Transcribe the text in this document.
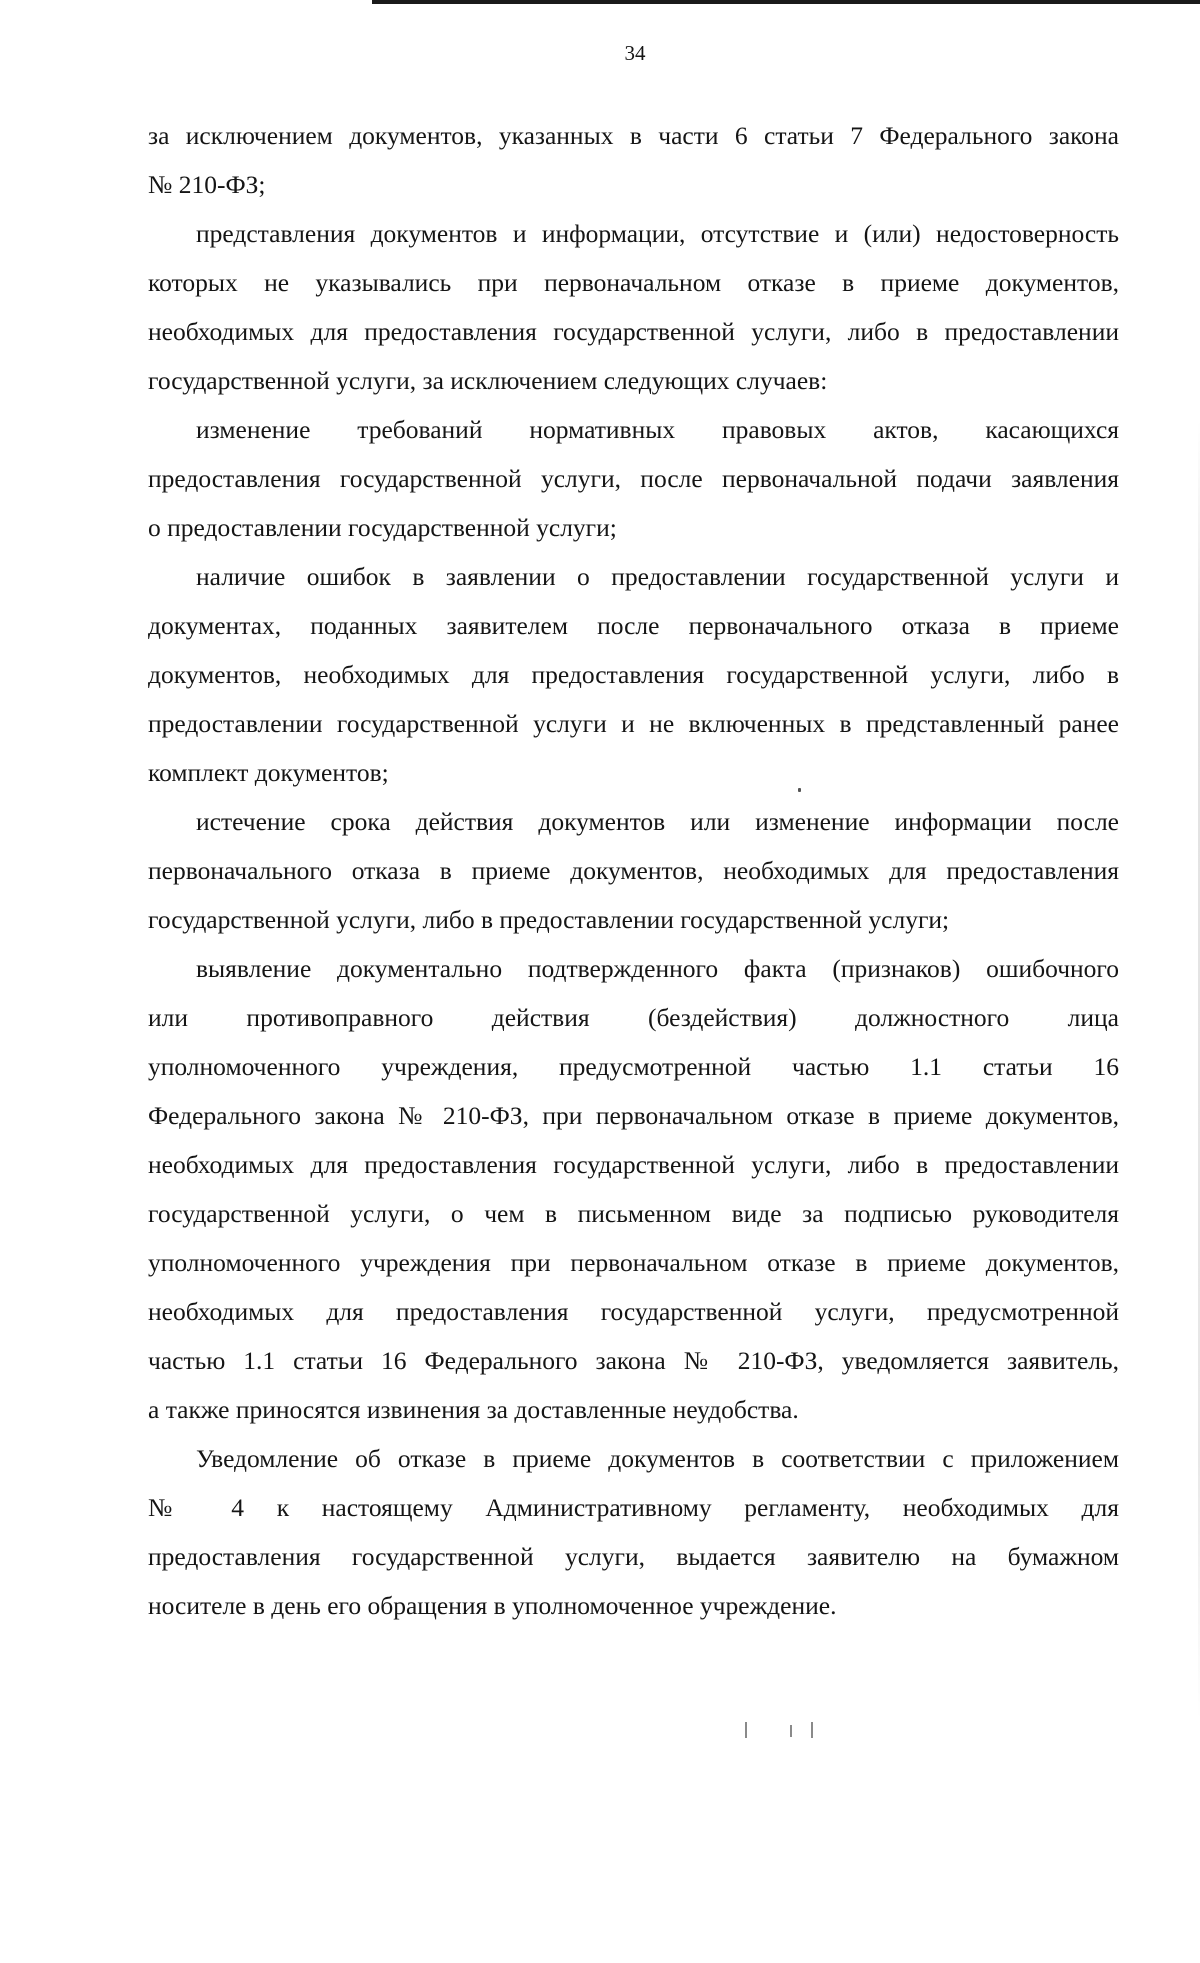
34

за исключением документов, указанных в части 6 статьи 7 Федерального закона
№ 210-ФЗ;

представления документов и информации, отсутствие и (или) недостоверность
которых не указывались при первоначальном отказе в приеме документов,
необходимых для предоставления государственной услуги, либо в предоставлении
государственной услуги, за исключением следующих случаев:

изменение требований нормативных правовых актов, касающихся
предоставления государственной услуги, после первоначальной подачи заявления
о предоставлении государственной услуги;

наличие ошибок в заявлении о предоставлении государственной услуги и
документах, поданных заявителем после первоначального отказа в приеме
документов, необходимых для предоставления государственной услуги, либо в
предоставлении государственной услуги и не включенных в представленный ранее
комплект документов;

истечение срока действия документов или изменение информации после
первоначального отказа в приеме документов, необходимых для предоставления
государственной услуги, либо в предоставлении государственной услуги;

выявление документально подтвержденного факта (признаков) ошибочного
или противоправного действия (бездействия) должностного лица
уполномоченного учреждения, предусмотренной частью 1.1 статьи 16
Федерального закона № 210-ФЗ, при первоначальном отказе в приеме документов,
необходимых для предоставления государственной услуги, либо в предоставлении
государственной услуги, о чем в письменном виде за подписью руководителя
уполномоченного учреждения при первоначальном отказе в приеме документов,
необходимых для предоставления государственной услуги, предусмотренной
частью 1.1 статьи 16 Федерального закона № 210-ФЗ, уведомляется заявитель,
а также приносятся извинения за доставленные неудобства.

Уведомление об отказе в приеме документов в соответствии с приложением
№ 4 к настоящему Административному регламенту, необходимых для
предоставления государственной услуги, выдается заявителю на бумажном
носителе в день его обращения в уполномоченное учреждение.
